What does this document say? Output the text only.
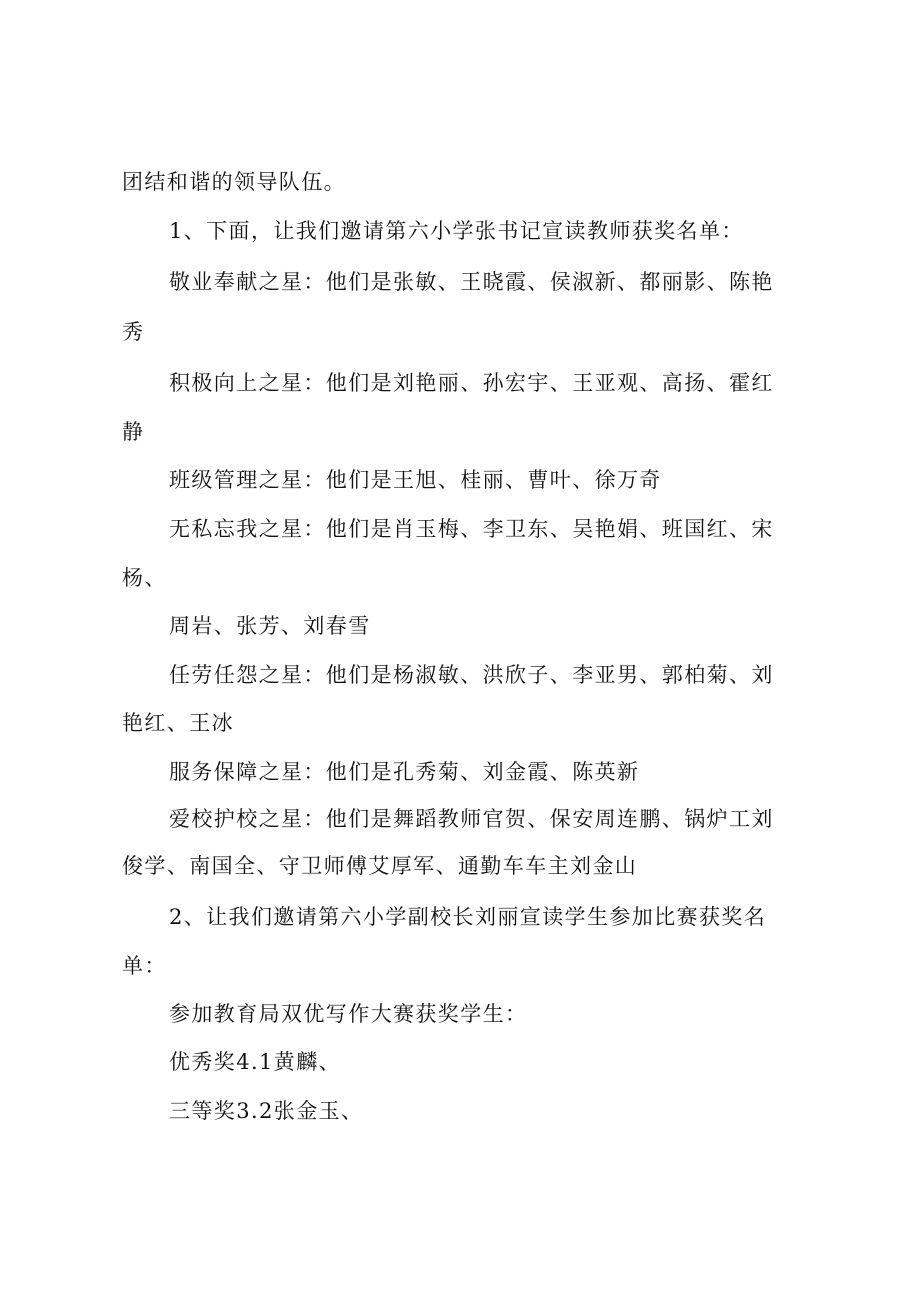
团结和谐的领导队伍。
1、下面，让我们邀请第六小学张书记宣读教师获奖名单：
敬业奉献之星：他们是张敏、王晓霞、侯淑新、都丽影、陈艳
秀
积极向上之星：他们是刘艳丽、孙宏宇、王亚观、高扬、霍红
静
班级管理之星：他们是王旭、桂丽、曹叶、徐万奇
无私忘我之星：他们是肖玉梅、李卫东、吴艳娟、班国红、宋
杨、
周岩、张芳、刘春雪
任劳任怨之星：他们是杨淑敏、洪欣子、李亚男、郭柏菊、刘
艳红、王冰
服务保障之星：他们是孔秀菊、刘金霞、陈英新
爱校护校之星：他们是舞蹈教师官贺、保安周连鹏、锅炉工刘
俊学、南国全、守卫师傅艾厚军、通勤车车主刘金山
2、让我们邀请第六小学副校长刘丽宣读学生参加比赛获奖名
单：
参加教育局双优写作大赛获奖学生：
优秀奖4.1黄麟、
三等奖3.2张金玉、
